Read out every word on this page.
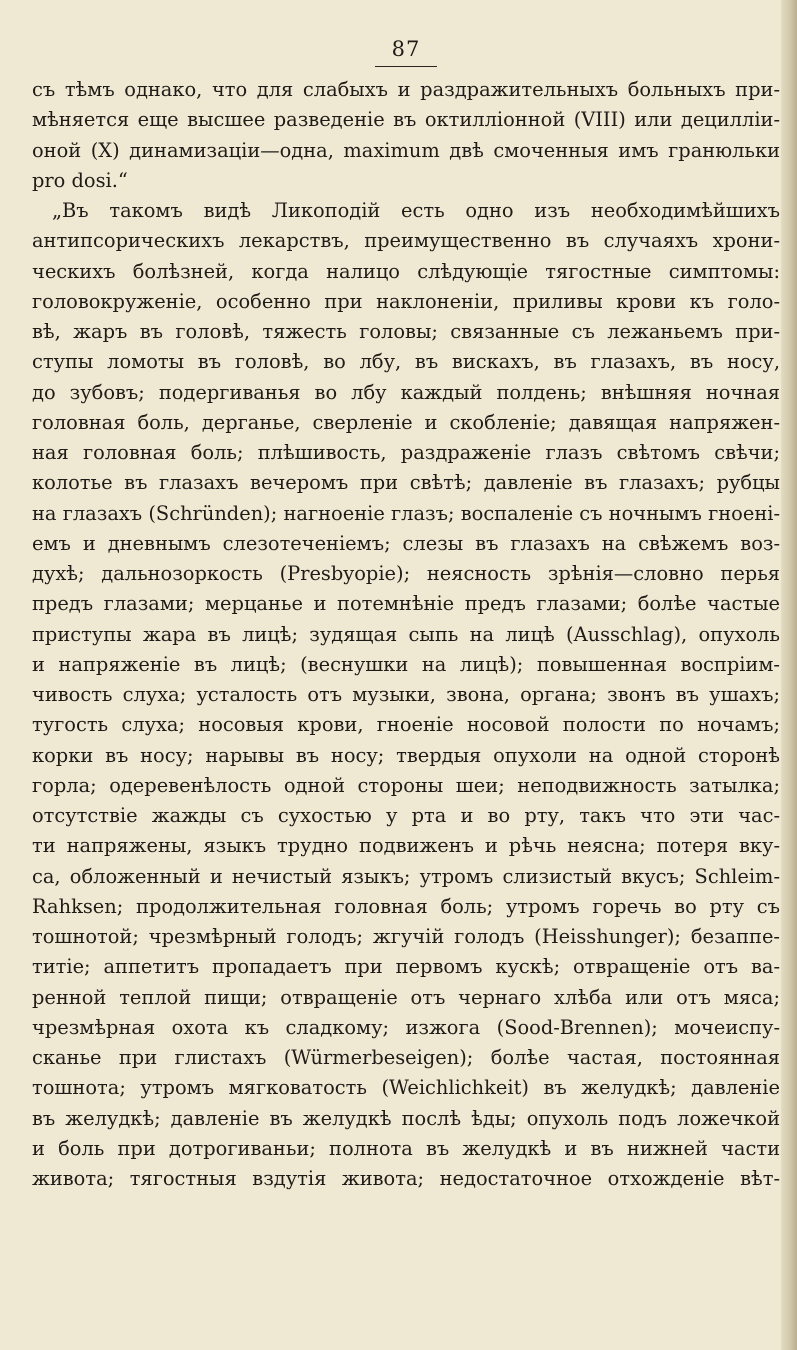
87
съ тѣмъ однако, что для слабыхъ и раздражительныхъ больныхъ при-
мѣняется еще высшее разведеніе въ октилліонной (VIII) или децилліи-
оной (X) динамизаціи—одна, maximum двѣ смоченныя имъ гранюльки
pro dosi.“
„Въ такомъ видѣ Ликоподій есть одно изъ необходимѣйшихъ
антипсорическихъ лекарствъ, преимущественно въ случаяхъ хрони-
ческихъ болѣзней, когда налицо слѣдующіе тягостные симптомы:
головокруженіе, особенно при наклоненіи, приливы крови къ голо-
вѣ, жаръ въ головѣ, тяжесть головы; связанные съ лежаньемъ при-
ступы ломоты въ головѣ, во лбу, въ вискахъ, въ глазахъ, въ носу,
до зубовъ; подергиванья во лбу каждый полдень; внѣшняя ночная
головная боль, дерганье, сверленіе и скобленіе; давящая напряжен-
ная головная боль; плѣшивость, раздраженіе глазъ свѣтомъ свѣчи;
колотье въ глазахъ вечеромъ при свѣтѣ; давленіе въ глазахъ; рубцы
на глазахъ (Schründen); нагноеніе глазъ; воспаленіе съ ночнымъ гноені-
емъ и дневнымъ слезотеченіемъ; слезы въ глазахъ на свѣжемъ воз-
духѣ; дальнозоркость (Presbyopie); неясность зрѣнія—словно перья
предъ глазами; мерцанье и потемнѣніе предъ глазами; болѣе частые
приступы жара въ лицѣ; зудящая сыпь на лицѣ (Ausschlag), опухоль
и напряженіе въ лицѣ; (веснушки на лицѣ); повышенная воспріим-
чивость слуха; усталость отъ музыки, звона, органа; звонъ въ ушахъ;
тугость слуха; носовыя крови, гноеніе носовой полости по ночамъ;
корки въ носу; нарывы въ носу; твердыя опухоли на одной сторонѣ
горла; одеревенѣлость одной стороны шеи; неподвижность затылка;
отсутствіе жажды съ сухостью у рта и во рту, такъ что эти час-
ти напряжены, языкъ трудно подвиженъ и рѣчь неясна; потеря вку-
са, обложенный и нечистый языкъ; утромъ слизистый вкусъ; Schleim-
Rahksen; продолжительная головная боль; утромъ горечь во рту съ
тошнотой; чрезмѣрный голодъ; жгучій голодъ (Heisshunger); безаппе-
титіе; аппетитъ пропадаетъ при первомъ кускѣ; отвращеніе отъ ва-
ренной теплой пищи; отвращеніе отъ чернаго хлѣба или отъ мяса;
чрезмѣрная охота къ сладкому; изжога (Sood-Brennen); мочеиспу-
сканье при глистахъ (Würmerbeseigen); болѣе частая, постоянная
тошнота; утромъ мягковатость (Weichlichkeit) въ желудкѣ; давленіе
въ желудкѣ; давленіе въ желудкѣ послѣ ѣды; опухоль подъ ложечкой
и боль при дотрогиваньи; полнота въ желудкѣ и въ нижней части
живота; тягостныя вздутія живота; недостаточное отхожденіе вѣт-
